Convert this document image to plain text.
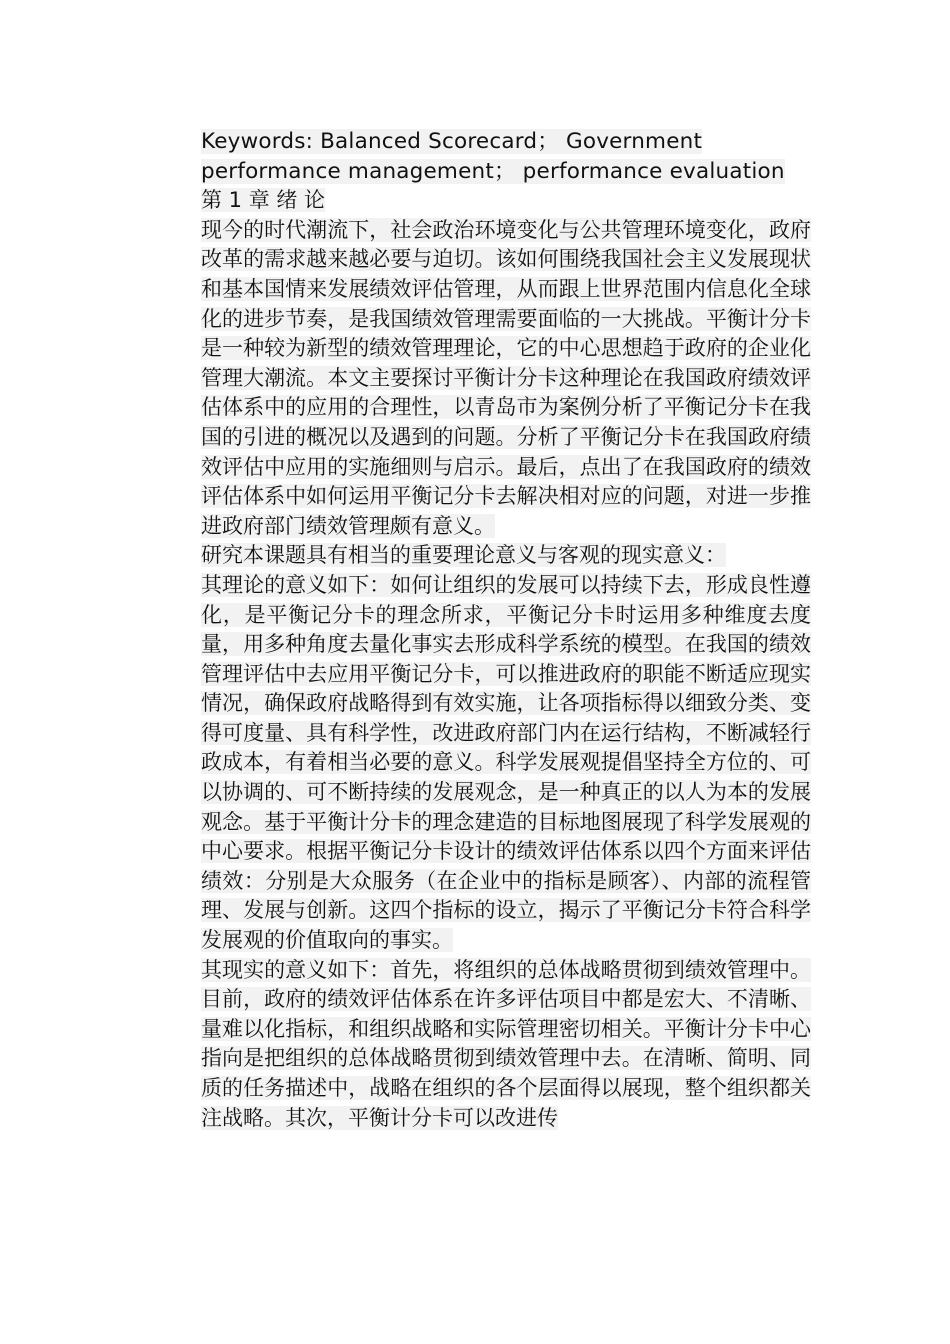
Keywords: Balanced Scorecard； Government performance management； performance evaluation

第 1 章 绪 论

现今的时代潮流下，社会政治环境变化与公共管理环境变化，政府改革的需求越来越必要与迫切。该如何围绕我国社会主义发展现状和基本国情来发展绩效评估管理，从而跟上世界范围内信息化全球化的进步节奏，是我国绩效管理需要面临的一大挑战。平衡计分卡是一种较为新型的绩效管理理论，它的中心思想趋于政府的企业化管理大潮流。本文主要探讨平衡计分卡这种理论在我国政府绩效评估体系中的应用的合理性，以青岛市为案例分析了平衡记分卡在我国的引进的概况以及遇到的问题。分析了平衡记分卡在我国政府绩效评估中应用的实施细则与启示。最后，点出了在我国政府的绩效评估体系中如何运用平衡记分卡去解决相对应的问题，对进一步推进政府部门绩效管理颇有意义。

研究本课题具有相当的重要理论意义与客观的现实意义：

其理论的意义如下：如何让组织的发展可以持续下去，形成良性遵化，是平衡记分卡的理念所求，平衡记分卡时运用多种维度去度量，用多种角度去量化事实去形成科学系统的模型。在我国的绩效管理评估中去应用平衡记分卡，可以推进政府的职能不断适应现实情况，确保政府战略得到有效实施，让各项指标得以细致分类、变得可度量、具有科学性，改进政府部门内在运行结构，不断减轻行政成本，有着相当必要的意义。科学发展观提倡坚持全方位的、可以协调的、可不断持续的发展观念，是一种真正的以人为本的发展观念。基于平衡计分卡的理念建造的目标地图展现了科学发展观的中心要求。根据平衡记分卡设计的绩效评估体系以四个方面来评估绩效：分别是大众服务（在企业中的指标是顾客）、内部的流程管理、发展与创新。这四个指标的设立，揭示了平衡记分卡符合科学发展观的价值取向的事实。

其现实的意义如下：首先，将组织的总体战略贯彻到绩效管理中。目前，政府的绩效评估体系在许多评估项目中都是宏大、不清晰、量难以化指标，和组织战略和实际管理密切相关。平衡计分卡中心指向是把组织的总体战略贯彻到绩效管理中去。在清晰、简明、同质的任务描述中，战略在组织的各个层面得以展现，整个组织都关注战略。其次，平衡计分卡可以改进传
